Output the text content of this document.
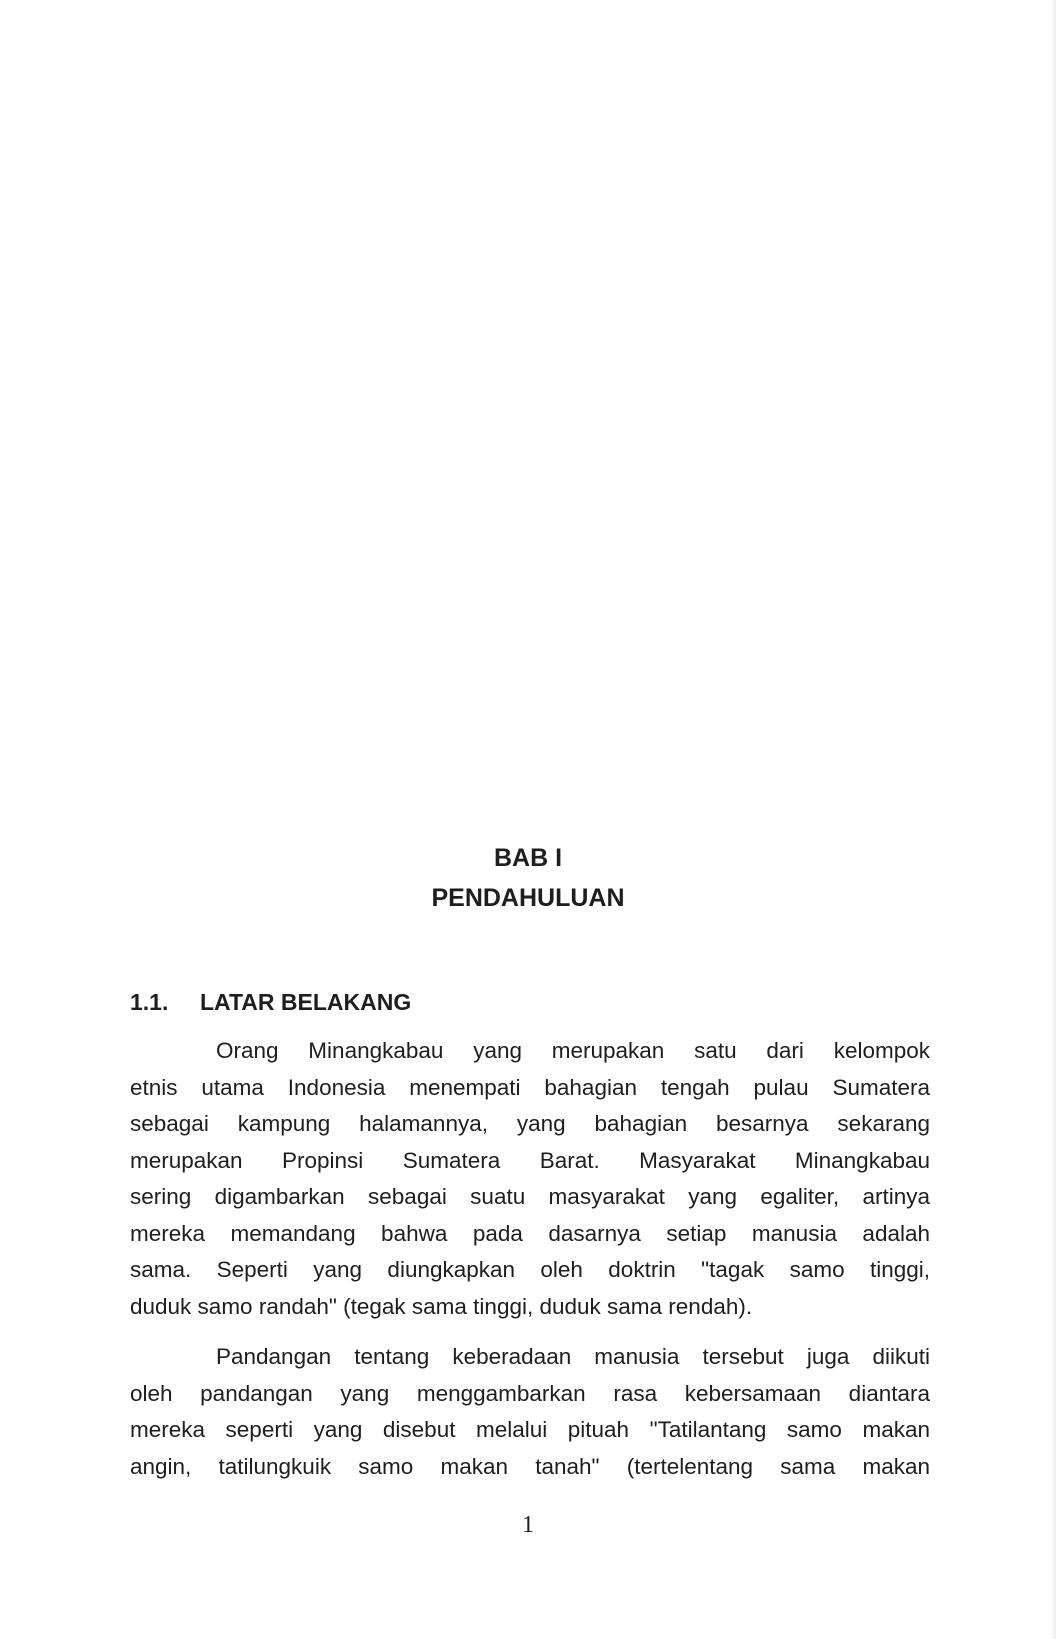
BAB I
PENDAHULUAN
1.1. LATAR BELAKANG
Orang Minangkabau yang merupakan satu dari kelompok
etnis utama Indonesia menempati bahagian tengah pulau Sumatera
sebagai kampung halamannya, yang bahagian besarnya sekarang
merupakan Propinsi Sumatera Barat. Masyarakat Minangkabau
sering digambarkan sebagai suatu masyarakat yang egaliter, artinya
mereka memandang bahwa pada dasarnya setiap manusia adalah
sama. Seperti yang diungkapkan oleh doktrin "tagak samo tinggi,
duduk samo randah" (tegak sama tinggi, duduk sama rendah).
Pandangan tentang keberadaan manusia tersebut juga diikuti
oleh pandangan yang menggambarkan rasa kebersamaan diantara
mereka seperti yang disebut melalui pituah "Tatilantang samo makan
angin, tatilungkuik samo makan tanah" (tertelentang sama makan
1
